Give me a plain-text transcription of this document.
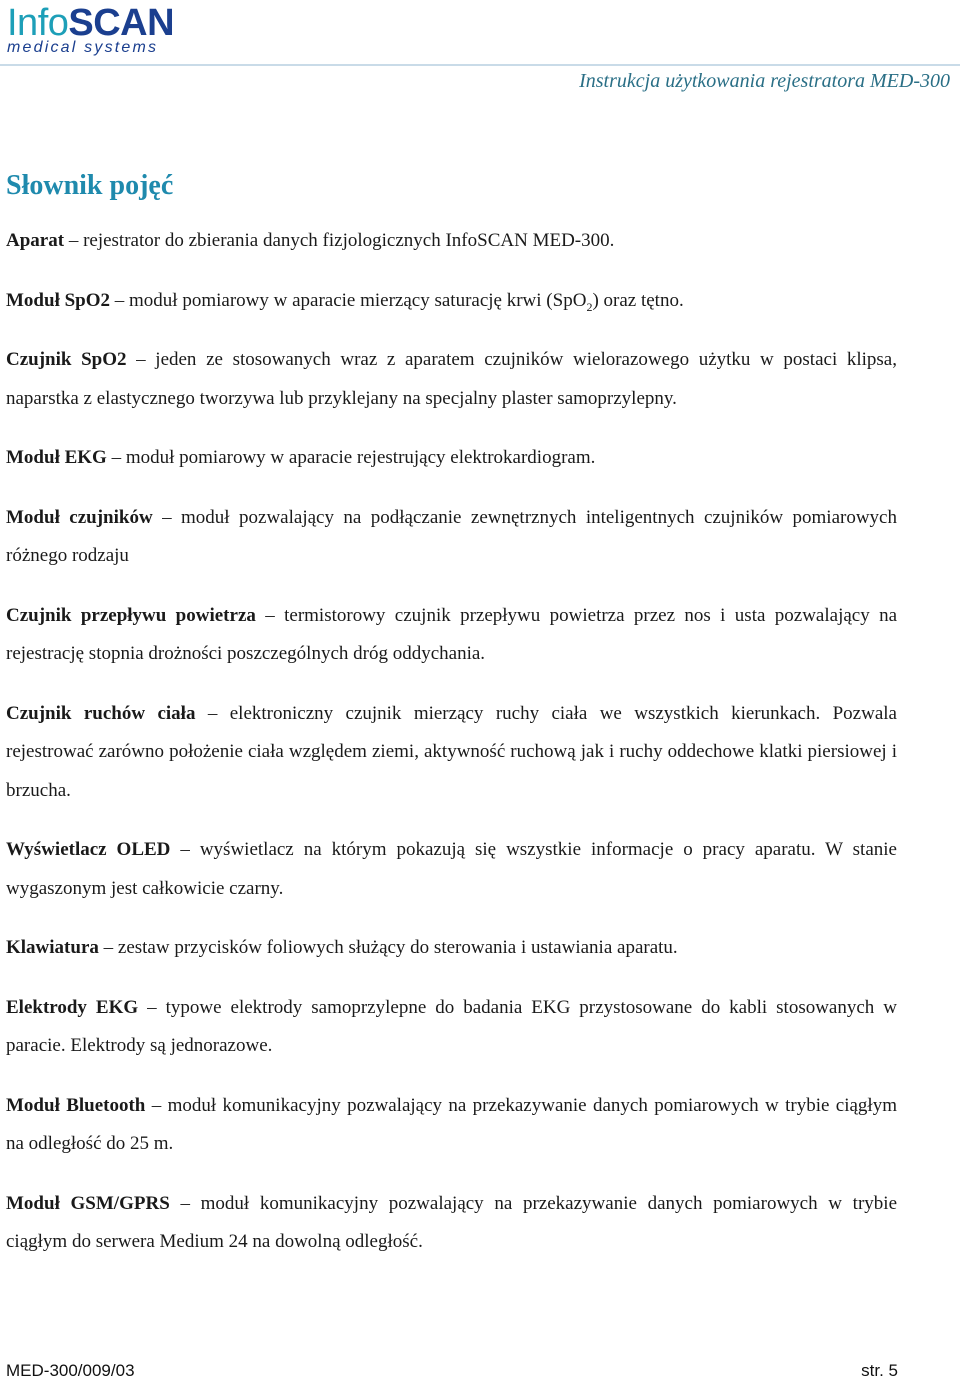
InfoSCAN
medical systems
Instrukcja użytkowania rejestratora MED-300
Słownik pojęć

Aparat – rejestrator do zbierania danych fizjologicznych InfoSCAN MED-300.

Moduł SpO2 – moduł pomiarowy w aparacie mierzący saturację krwi (SpO$_2$) oraz tętno.

Czujnik SpO2 – jeden ze stosowanych wraz z aparatem czujników wielorazowego użytku w postaci klipsa, naparstka z elastycznego tworzywa lub przyklejany na specjalny plaster samoprzylepny.

Moduł EKG – moduł pomiarowy w aparacie rejestrujący elektrokardiogram.

Moduł czujników – moduł pozwalający na podłączanie zewnętrznych inteligentnych czujników pomiarowych różnego rodzaju

Czujnik przepływu powietrza – termistorowy czujnik przepływu powietrza przez nos i usta pozwalający na rejestrację stopnia drożności poszczególnych dróg oddychania.

Czujnik ruchów ciała – elektroniczny czujnik mierzący ruchy ciała we wszystkich kierunkach. Pozwala rejestrować zarówno położenie ciała względem ziemi, aktywność ruchową jak i ruchy oddechowe klatki piersiowej i brzucha.

Wyświetlacz OLED – wyświetlacz na którym pokazują się wszystkie informacje o pracy aparatu. W stanie wygaszonym jest całkowicie czarny.

Klawiatura – zestaw przycisków foliowych służący do sterowania i ustawiania aparatu.

Elektrody EKG – typowe elektrody samoprzylepne do badania EKG przystosowane do kabli stosowanych w paracie. Elektrody są jednorazowe.

Moduł Bluetooth – moduł komunikacyjny pozwalający na przekazywanie danych pomiarowych w trybie ciągłym na odległość do 25 m.

Moduł GSM/GPRS – moduł komunikacyjny pozwalający na przekazywanie danych pomiarowych w trybie ciągłym do serwera Medium 24 na dowolną odległość.

MED-300/009/03	str. 5
